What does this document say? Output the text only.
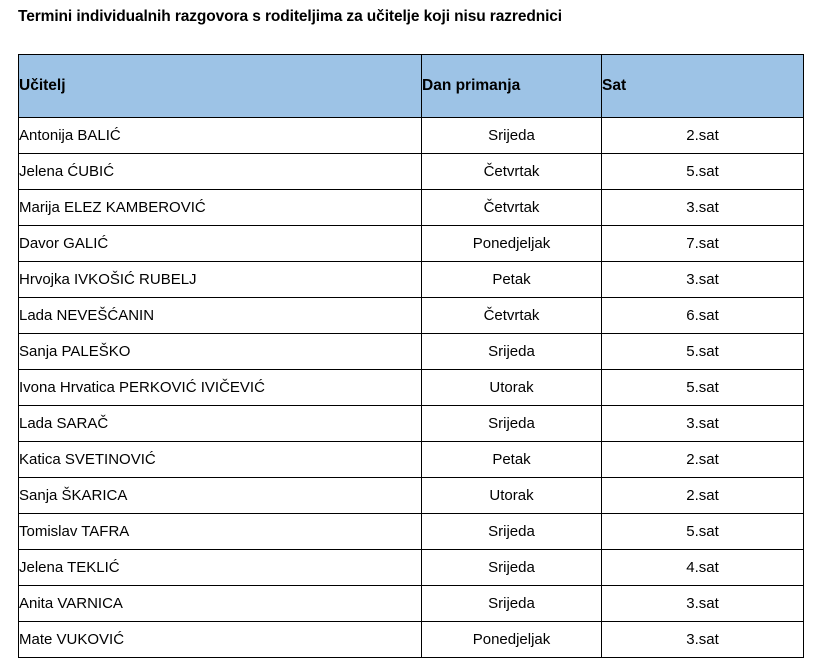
Termini individualnih razgovora s roditeljima za učitelje koji nisu razrednici
Učitelj	Dan primanja	Sat
Antonija BALIĆ	Srijeda	2.sat
Jelena ĆUBIĆ	Četvrtak	5.sat
Marija ELEZ KAMBEROVIĆ	Četvrtak	3.sat
Davor GALIĆ	Ponedjeljak	7.sat
Hrvojka IVKOŠIĆ RUBELJ	Petak	3.sat
Lada NEVEŠĆANIN	Četvrtak	6.sat
Sanja PALEŠKO	Srijeda	5.sat
Ivona Hrvatica PERKOVIĆ IVIČEVIĆ	Utorak	5.sat
Lada SARAČ	Srijeda	3.sat
Katica SVETINOVIĆ	Petak	2.sat
Sanja ŠKARICA	Utorak	2.sat
Tomislav TAFRA	Srijeda	5.sat
Jelena TEKLIĆ	Srijeda	4.sat
Anita VARNICA	Srijeda	3.sat
Mate VUKOVIĆ	Ponedjeljak	3.sat
